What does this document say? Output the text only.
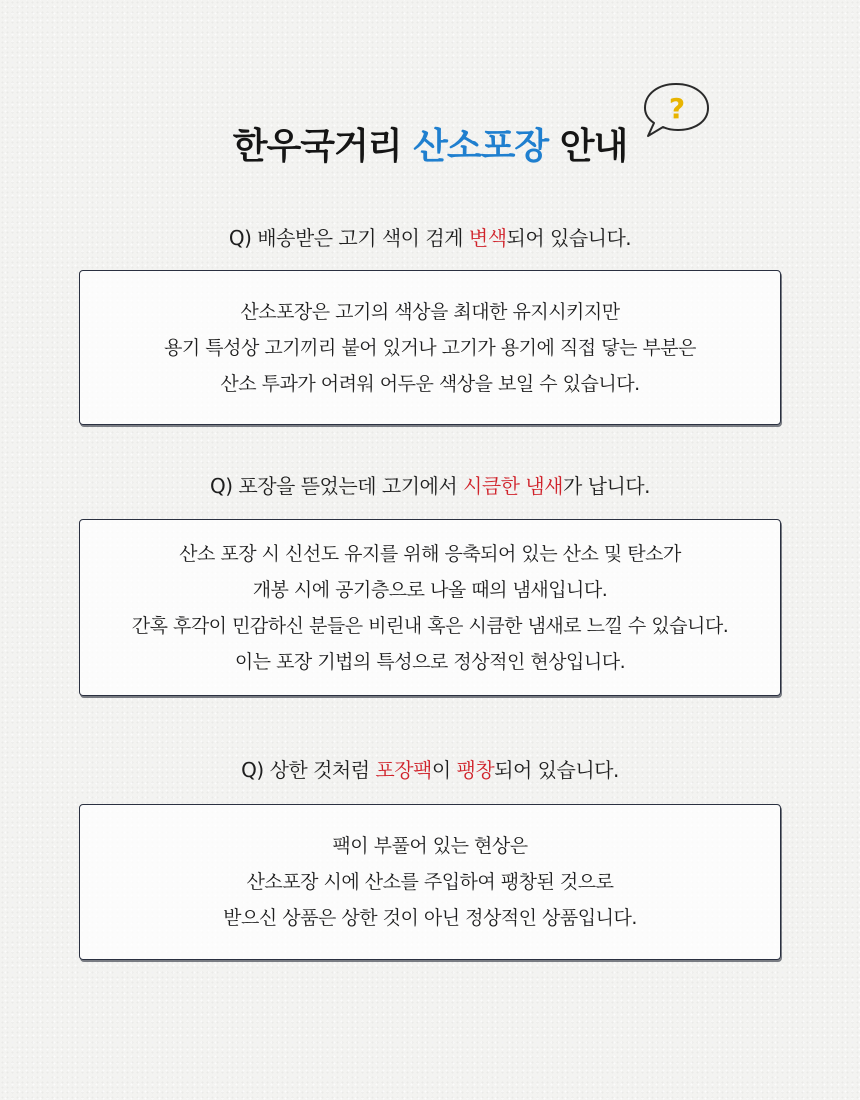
한우국거리 산소포장 안내
?
Q) 배송받은 고기 색이 검게 변색되어 있습니다.
산소포장은 고기의 색상을 최대한 유지시키지만
용기 특성상 고기끼리 붙어 있거나 고기가 용기에 직접 닿는 부분은
산소 투과가 어려워 어두운 색상을 보일 수 있습니다.
Q) 포장을 뜯었는데 고기에서 시큼한 냄새가 납니다.
산소 포장 시 신선도 유지를 위해 응축되어 있는 산소 및 탄소가
개봉 시에 공기층으로 나올 때의 냄새입니다.
간혹 후각이 민감하신 분들은 비린내 혹은 시큼한 냄새로 느낄 수 있습니다.
이는 포장 기법의 특성으로 정상적인 현상입니다.
Q) 상한 것처럼 포장팩이 팽창되어 있습니다.
팩이 부풀어 있는 현상은
산소포장 시에 산소를 주입하여 팽창된 것으로
받으신 상품은 상한 것이 아닌 정상적인 상품입니다.
